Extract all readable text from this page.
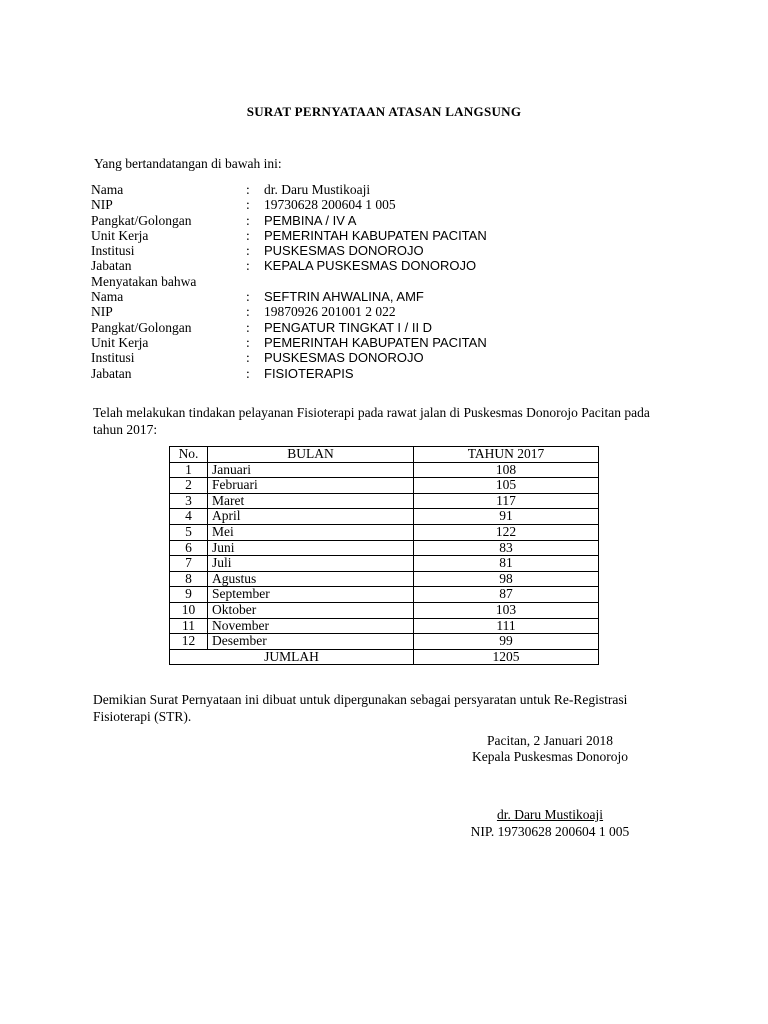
SURAT PERNYATAAN ATASAN LANGSUNG
Yang bertandatangan di bawah ini:
Nama	: dr. Daru Mustikoaji
NIP	: 19730628 200604 1 005
Pangkat/Golongan	: PEMBINA / IV A
Unit Kerja	: PEMERINTAH KABUPATEN PACITAN
Institusi	: PUSKESMAS DONOROJO
Jabatan	: KEPALA PUSKESMAS DONOROJO
Menyatakan bahwa
Nama	: SEFTRIN AHWALINA, AMF
NIP	: 19870926 201001 2 022
Pangkat/Golongan	: PENGATUR TINGKAT I / II D
Unit Kerja	: PEMERINTAH KABUPATEN PACITAN
Institusi	: PUSKESMAS DONOROJO
Jabatan	: FISIOTERAPIS
Telah melakukan tindakan pelayanan Fisioterapi pada rawat jalan di Puskesmas Donorojo Pacitan pada tahun 2017:
No.	BULAN	TAHUN 2017
1	Januari	108
2	Februari	105
3	Maret	117
4	April	91
5	Mei	122
6	Juni	83
7	Juli	81
8	Agustus	98
9	September	87
10	Oktober	103
11	November	111
12	Desember	99
JUMLAH		1205
Demikian Surat Pernyataan ini dibuat untuk dipergunakan sebagai persyaratan untuk Re-Registrasi Fisioterapi (STR).
Pacitan, 2 Januari 2018
Kepala Puskesmas Donorojo
dr. Daru Mustikoaji
NIP. 19730628 200604 1 005
